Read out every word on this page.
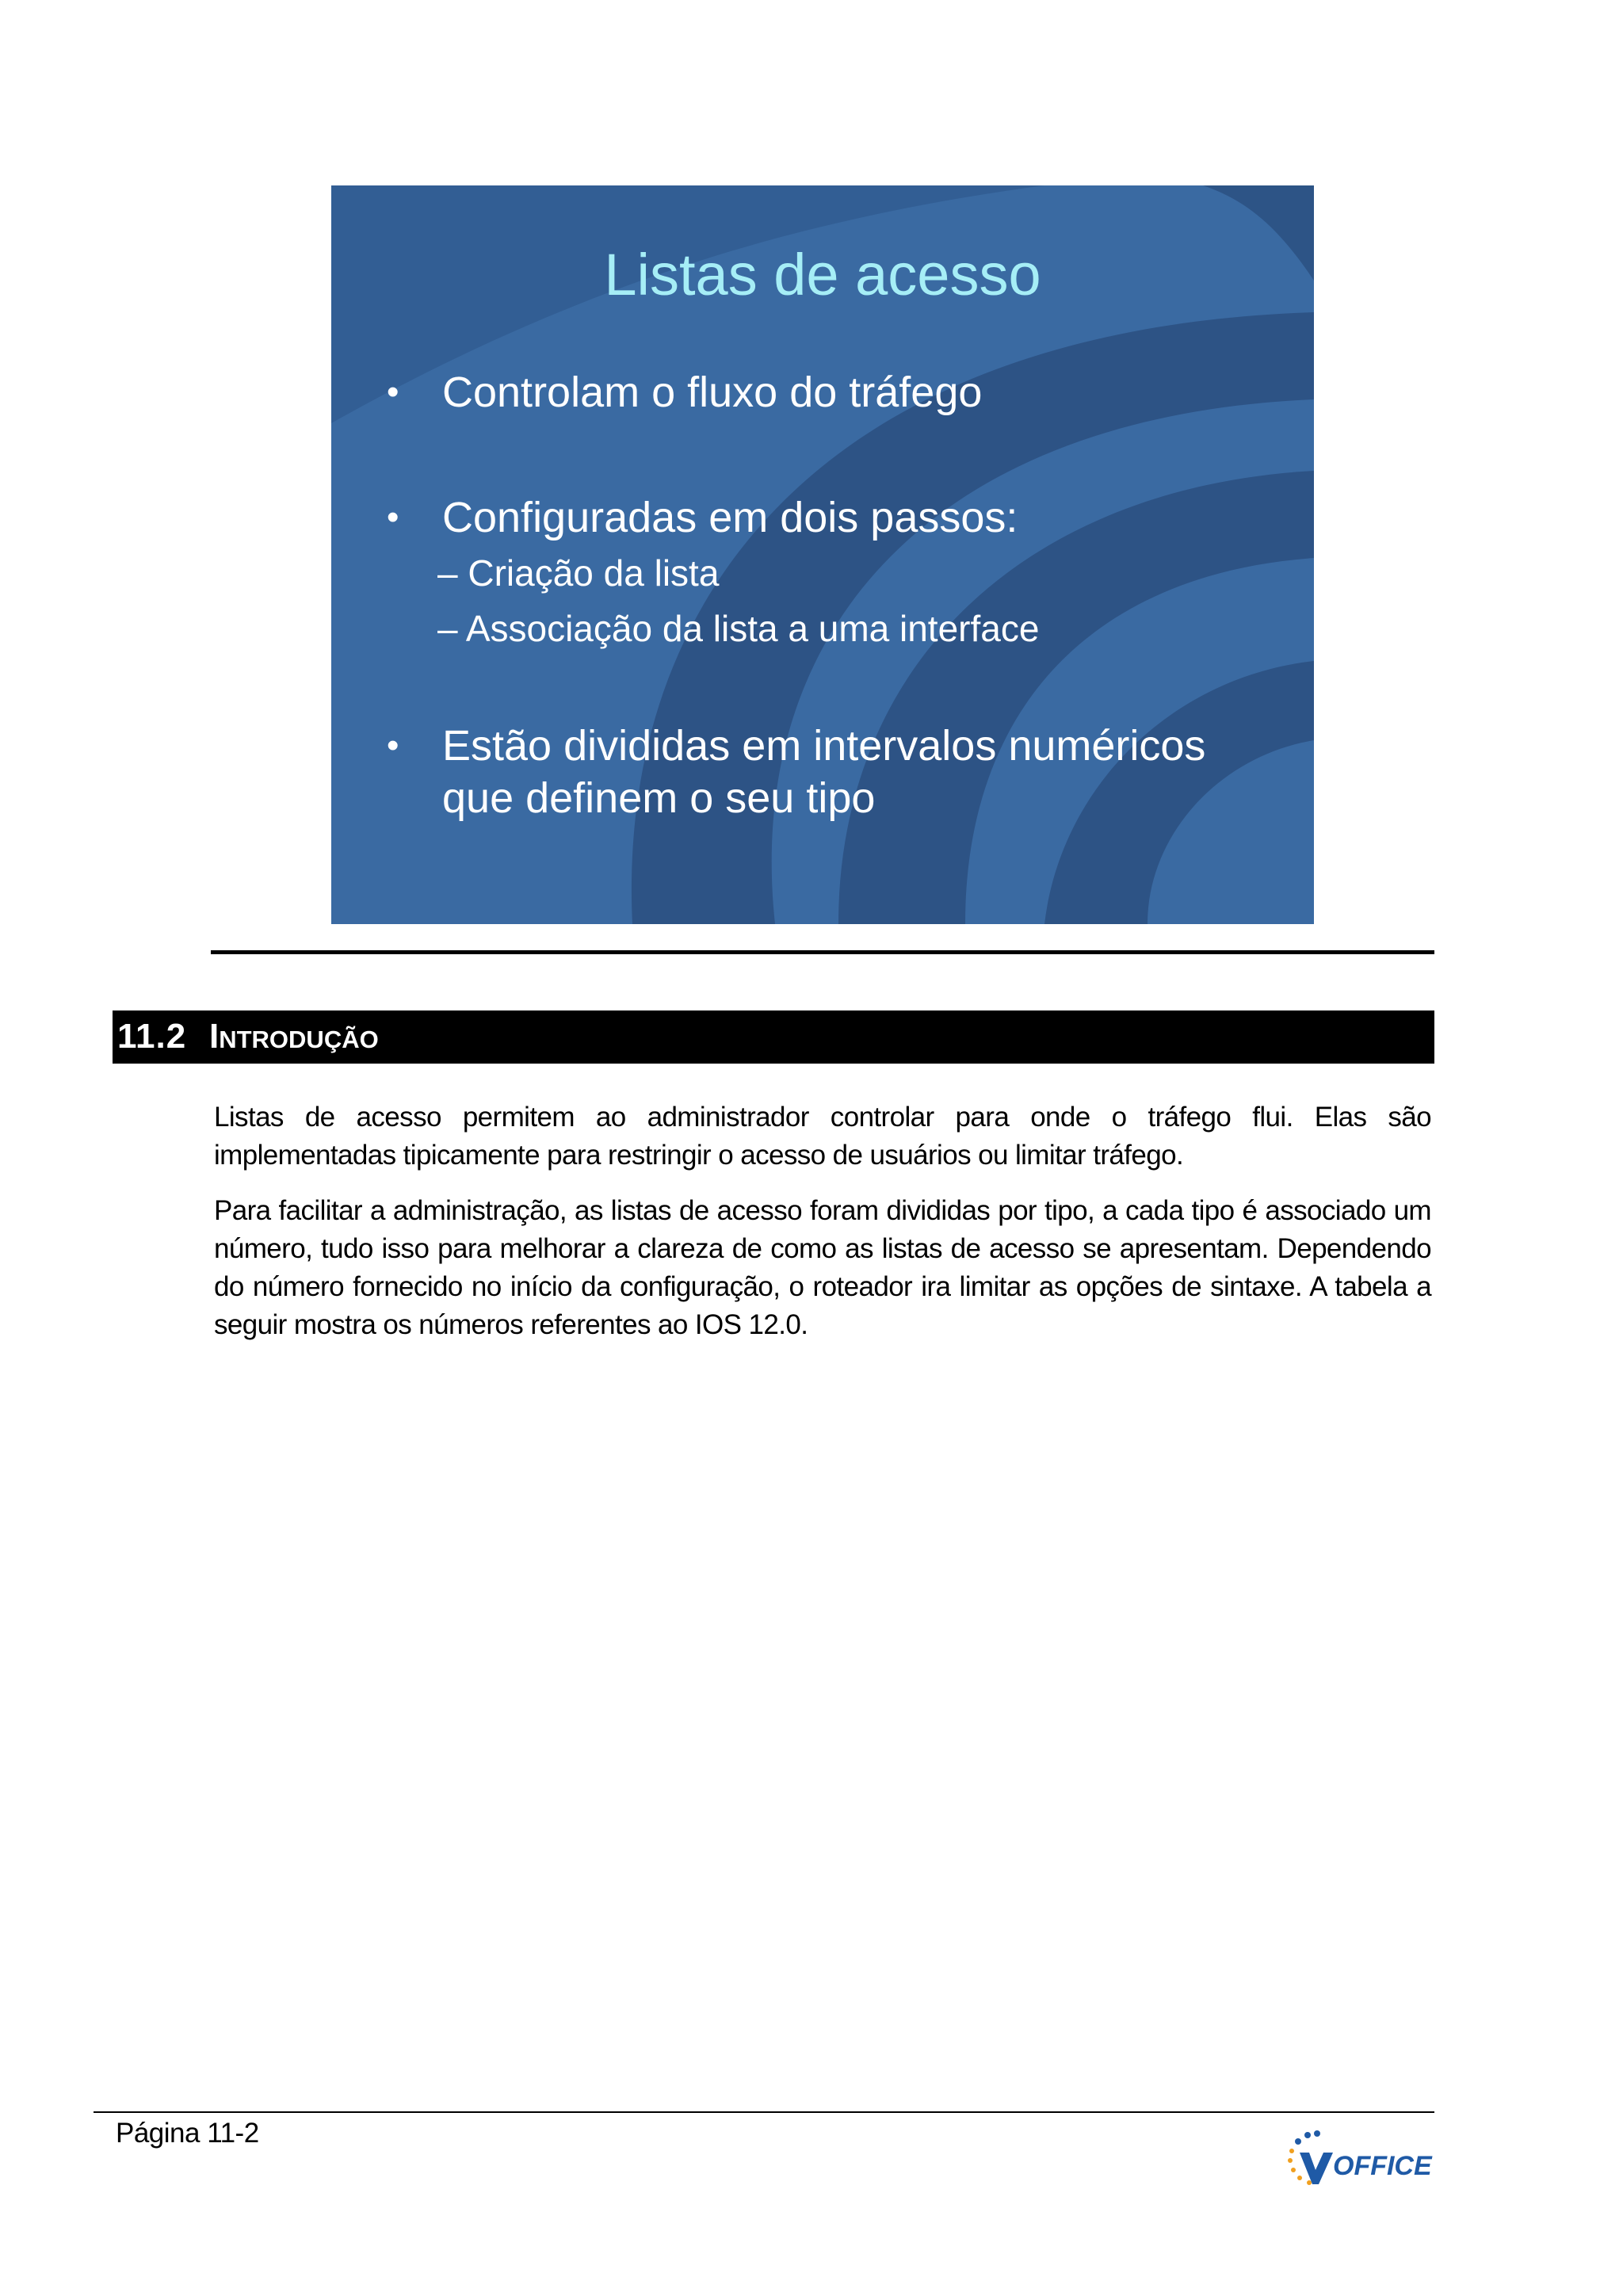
Listas de acesso
• Controlam o fluxo do tráfego
• Configuradas em dois passos:
– Criação da lista
– Associação da lista a uma interface
• Estão divididas em intervalos numéricos
que definem o seu tipo
11.2 Introdução
Listas de acesso permitem ao administrador controlar para onde o tráfego flui. Elas são implementadas tipicamente para restringir o acesso de usuários ou limitar tráfego.
Para facilitar a administração, as listas de acesso foram divididas por tipo, a cada tipo é associado um número, tudo isso para melhorar a clareza de como as listas de acesso se apresentam. Dependendo do número fornecido no início da configuração, o roteador ira limitar as opções de sintaxe. A tabela a seguir mostra os números referentes ao IOS 12.0.
Página 11-2
OFFICE
